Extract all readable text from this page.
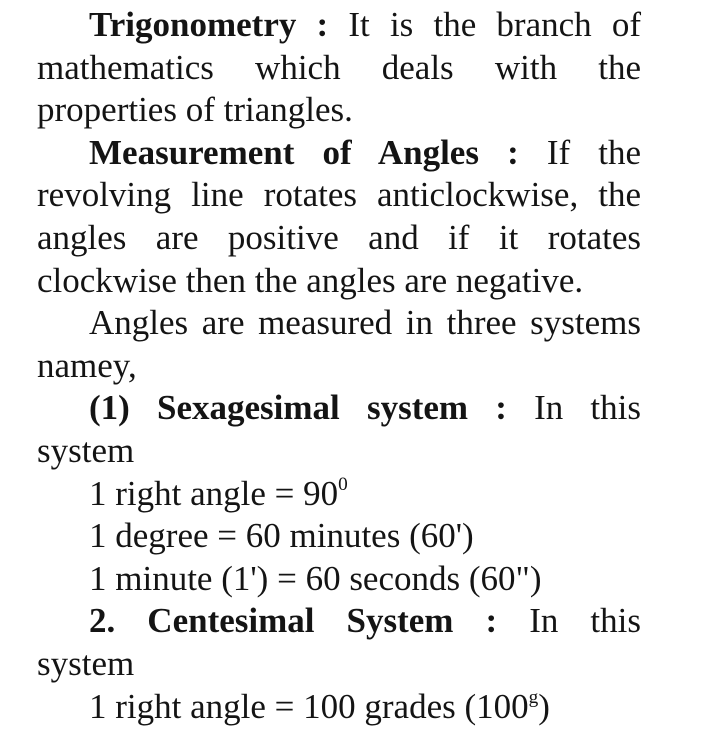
Trigonometry : It is the branch of
mathematics which deals with the
properties of triangles.
Measurement of Angles : If the
revolving line rotates anticlockwise, the
angles are positive and if it rotates
clockwise then the angles are negative.
Angles are measured in three systems
namey,
(1) Sexagesimal system : In this
system
1 right angle = $90^0$
1 degree = 60 minutes (60')
1 minute (1') = 60 seconds (60")
2. Centesimal System : In this
system
1 right angle = 100 grades (100$^g$)
